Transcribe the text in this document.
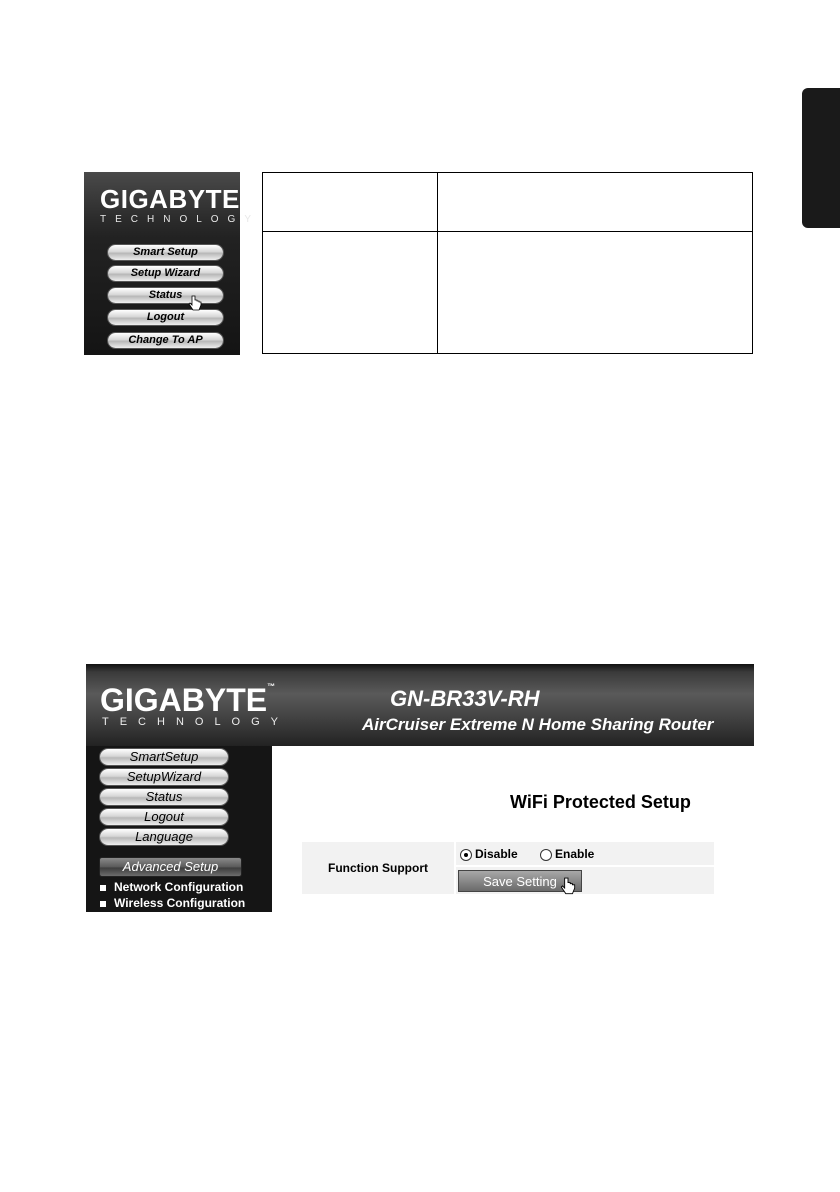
GIGABYTE
TECHNOLOGY
Smart Setup
Setup Wizard
Status
Logout
Change To AP
GIGABYTE™
TECHNOLOGY
GN-BR33V-RH
AirCruiser Extreme N Home Sharing Router
SmartSetup
SetupWizard
Status
Logout
Language
Advanced Setup
Network Configuration
Wireless Configuration
WiFi Protected Setup
Function Support
Disable	Enable
Save Setting
